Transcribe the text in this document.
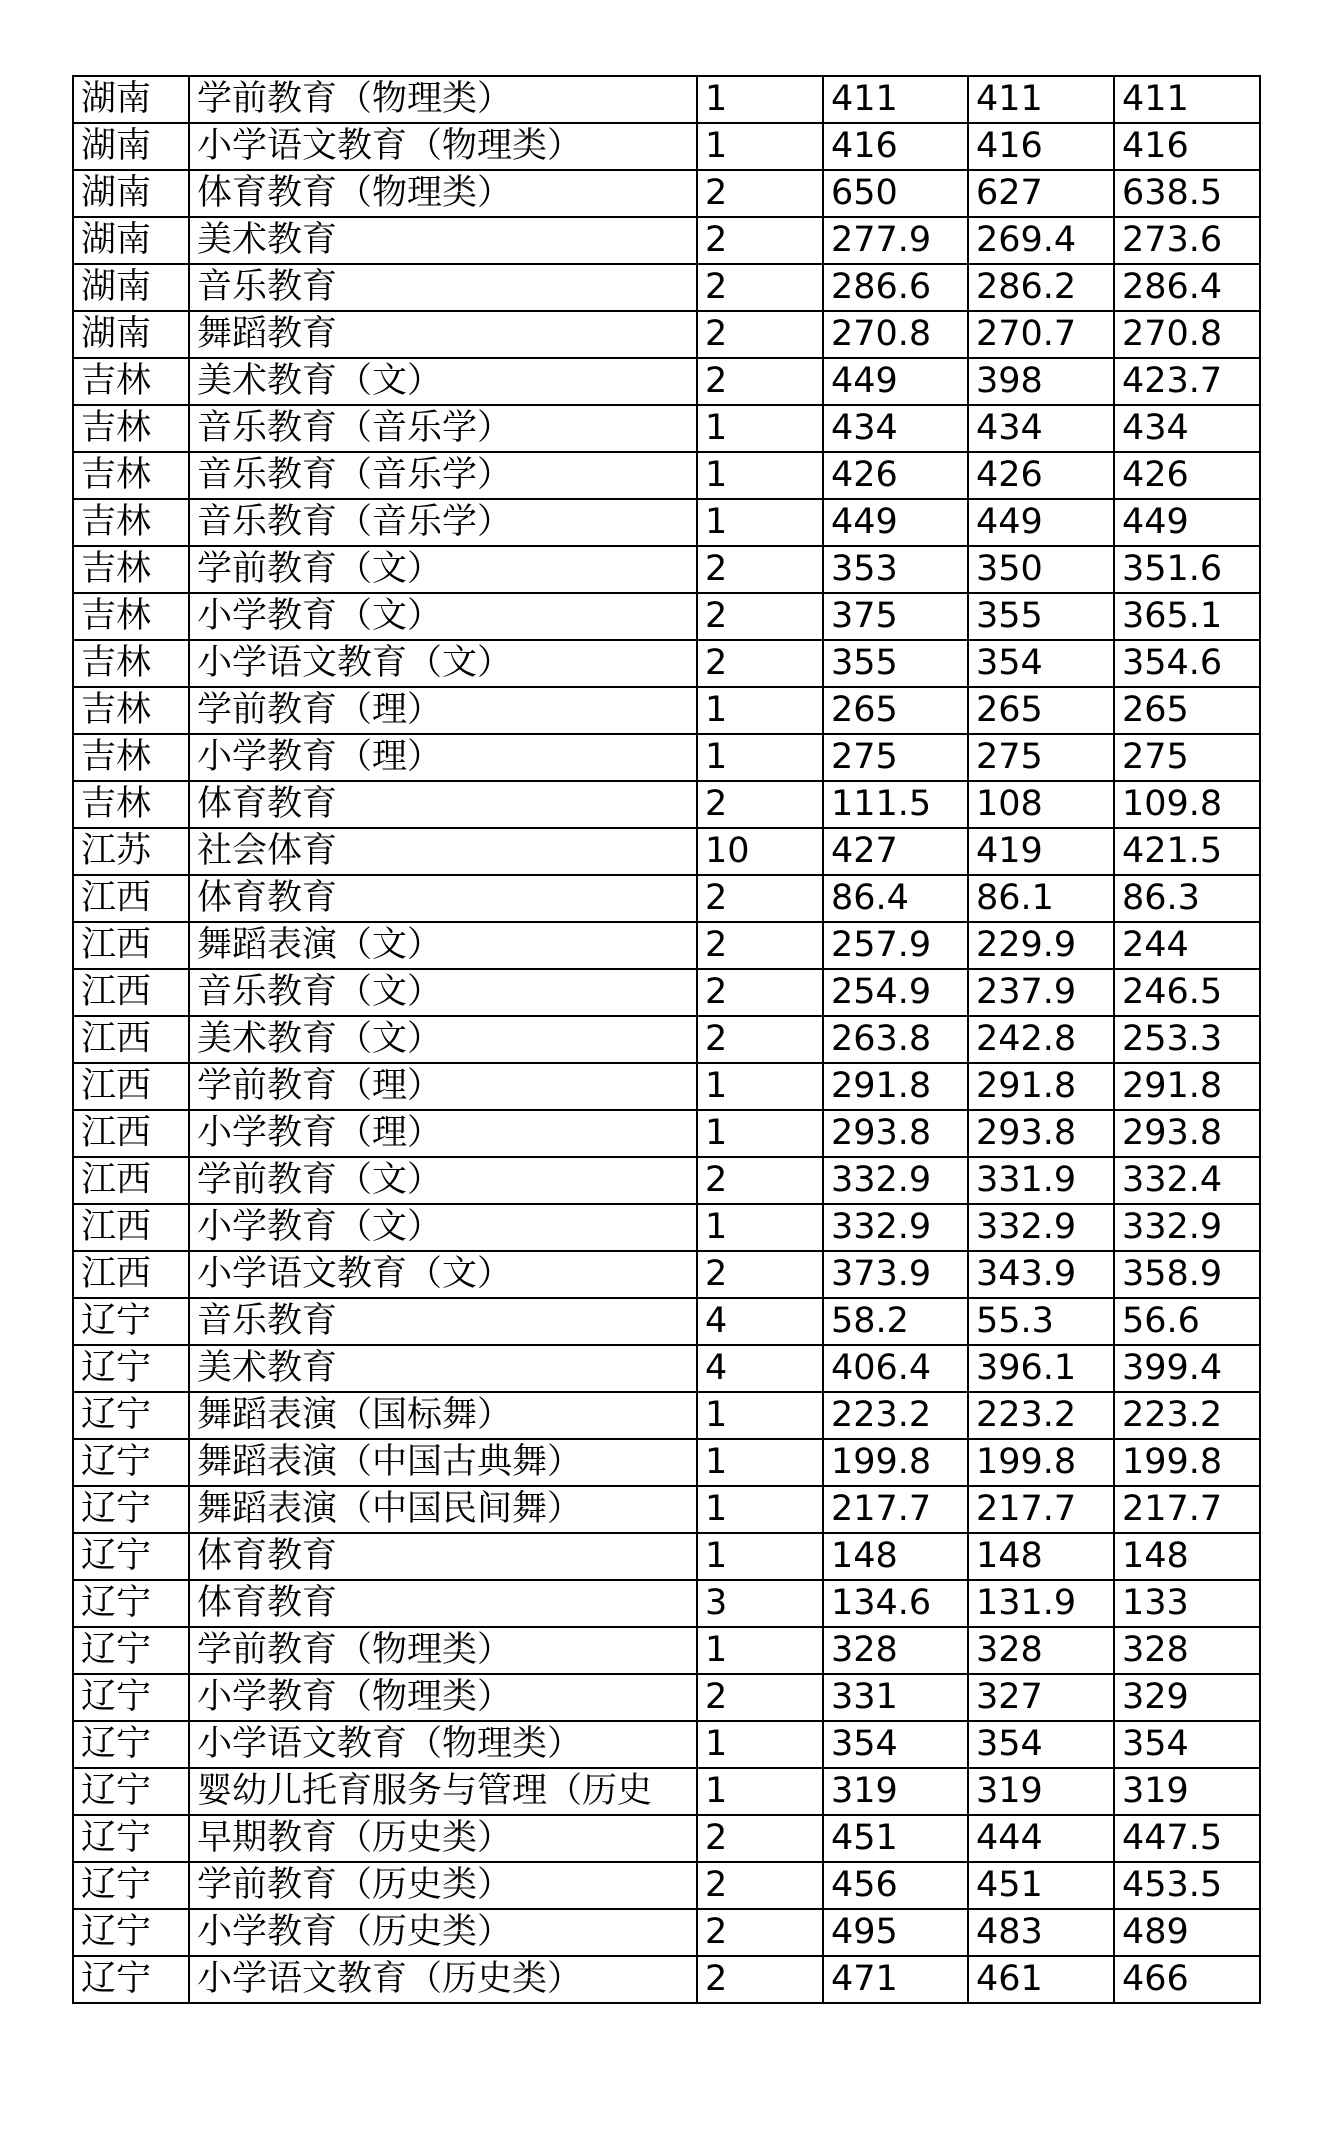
湖南	学前教育（物理类）	1	411	411	411
湖南	小学语文教育（物理类）	1	416	416	416
湖南	体育教育（物理类）	2	650	627	638.5
湖南	美术教育	2	277.9	269.4	273.6
湖南	音乐教育	2	286.6	286.2	286.4
湖南	舞蹈教育	2	270.8	270.7	270.8
吉林	美术教育（文）	2	449	398	423.7
吉林	音乐教育（音乐学）	1	434	434	434
吉林	音乐教育（音乐学）	1	426	426	426
吉林	音乐教育（音乐学）	1	449	449	449
吉林	学前教育（文）	2	353	350	351.6
吉林	小学教育（文）	2	375	355	365.1
吉林	小学语文教育（文）	2	355	354	354.6
吉林	学前教育（理）	1	265	265	265
吉林	小学教育（理）	1	275	275	275
吉林	体育教育	2	111.5	108	109.8
江苏	社会体育	10	427	419	421.5
江西	体育教育	2	86.4	86.1	86.3
江西	舞蹈表演（文）	2	257.9	229.9	244
江西	音乐教育（文）	2	254.9	237.9	246.5
江西	美术教育（文）	2	263.8	242.8	253.3
江西	学前教育（理）	1	291.8	291.8	291.8
江西	小学教育（理）	1	293.8	293.8	293.8
江西	学前教育（文）	2	332.9	331.9	332.4
江西	小学教育（文）	1	332.9	332.9	332.9
江西	小学语文教育（文）	2	373.9	343.9	358.9
辽宁	音乐教育	4	58.2	55.3	56.6
辽宁	美术教育	4	406.4	396.1	399.4
辽宁	舞蹈表演（国标舞）	1	223.2	223.2	223.2
辽宁	舞蹈表演（中国古典舞）	1	199.8	199.8	199.8
辽宁	舞蹈表演（中国民间舞）	1	217.7	217.7	217.7
辽宁	体育教育	1	148	148	148
辽宁	体育教育	3	134.6	131.9	133
辽宁	学前教育（物理类）	1	328	328	328
辽宁	小学教育（物理类）	2	331	327	329
辽宁	小学语文教育（物理类）	1	354	354	354
辽宁	婴幼儿托育服务与管理（历史	1	319	319	319
辽宁	早期教育（历史类）	2	451	444	447.5
辽宁	学前教育（历史类）	2	456	451	453.5
辽宁	小学教育（历史类）	2	495	483	489
辽宁	小学语文教育（历史类）	2	471	461	466
